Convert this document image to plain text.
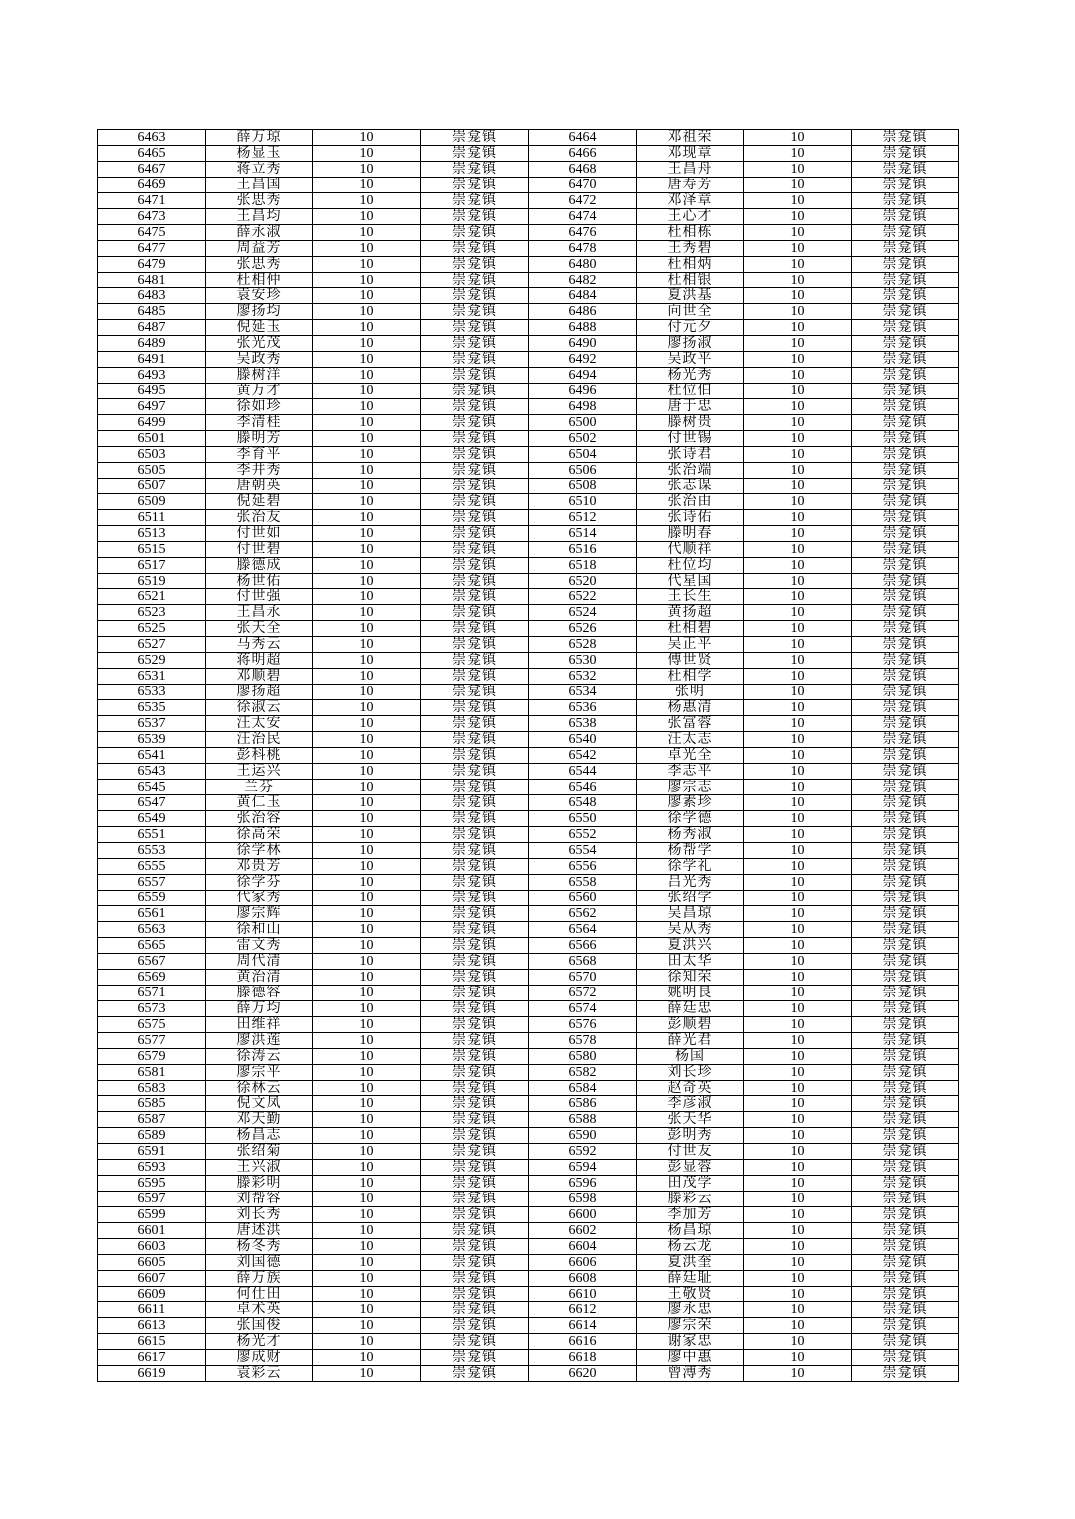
6463	薛万琼	10	崇龛镇	6464	邓祖荣	10	崇龛镇
6465	杨显玉	10	崇龛镇	6466	邓现章	10	崇龛镇
6467	蒋立秀	10	崇龛镇	6468	王昌舟	10	崇龛镇
6469	王昌国	10	崇龛镇	6470	唐寿芳	10	崇龛镇
6471	张思秀	10	崇龛镇	6472	邓泽章	10	崇龛镇
6473	王昌均	10	崇龛镇	6474	王心才	10	崇龛镇
6475	薛永淑	10	崇龛镇	6476	杜相栋	10	崇龛镇
6477	周益芳	10	崇龛镇	6478	王秀碧	10	崇龛镇
6479	张思秀	10	崇龛镇	6480	杜相炳	10	崇龛镇
6481	杜相仲	10	崇龛镇	6482	杜相银	10	崇龛镇
6483	袁安珍	10	崇龛镇	6484	夏洪基	10	崇龛镇
6485	廖扬均	10	崇龛镇	6486	向世全	10	崇龛镇
6487	倪延玉	10	崇龛镇	6488	付元夕	10	崇龛镇
6489	张光茂	10	崇龛镇	6490	廖扬淑	10	崇龛镇
6491	吴政秀	10	崇龛镇	6492	吴政平	10	崇龛镇
6493	滕树洋	10	崇龛镇	6494	杨光秀	10	崇龛镇
6495	黄万才	10	崇龛镇	6496	杜位伯	10	崇龛镇
6497	徐如珍	10	崇龛镇	6498	唐于忠	10	崇龛镇
6499	李清桂	10	崇龛镇	6500	滕树贵	10	崇龛镇
6501	滕明芳	10	崇龛镇	6502	付世锡	10	崇龛镇
6503	李育平	10	崇龛镇	6504	张诗君	10	崇龛镇
6505	李井秀	10	崇龛镇	6506	张治端	10	崇龛镇
6507	唐朝英	10	崇龛镇	6508	张志谋	10	崇龛镇
6509	倪延碧	10	崇龛镇	6510	张治由	10	崇龛镇
6511	张治友	10	崇龛镇	6512	张诗佑	10	崇龛镇
6513	付世如	10	崇龛镇	6514	滕明春	10	崇龛镇
6515	付世碧	10	崇龛镇	6516	代顺祥	10	崇龛镇
6517	滕德成	10	崇龛镇	6518	杜位均	10	崇龛镇
6519	杨世佑	10	崇龛镇	6520	代星国	10	崇龛镇
6521	付世强	10	崇龛镇	6522	王长生	10	崇龛镇
6523	王昌永	10	崇龛镇	6524	黄扬超	10	崇龛镇
6525	张天全	10	崇龛镇	6526	杜相碧	10	崇龛镇
6527	马秀云	10	崇龛镇	6528	吴正平	10	崇龛镇
6529	蒋明超	10	崇龛镇	6530	傅世贤	10	崇龛镇
6531	邓顺碧	10	崇龛镇	6532	杜相学	10	崇龛镇
6533	廖扬超	10	崇龛镇	6534	张明	10	崇龛镇
6535	徐淑云	10	崇龛镇	6536	杨惠清	10	崇龛镇
6537	汪太安	10	崇龛镇	6538	张富蓉	10	崇龛镇
6539	汪治民	10	崇龛镇	6540	汪太志	10	崇龛镇
6541	彭科桃	10	崇龛镇	6542	卓光全	10	崇龛镇
6543	王运兴	10	崇龛镇	6544	李志平	10	崇龛镇
6545	兰芬	10	崇龛镇	6546	廖宗志	10	崇龛镇
6547	黄仁玉	10	崇龛镇	6548	廖素珍	10	崇龛镇
6549	张治容	10	崇龛镇	6550	徐学德	10	崇龛镇
6551	徐高荣	10	崇龛镇	6552	杨秀淑	10	崇龛镇
6553	徐学林	10	崇龛镇	6554	杨帮学	10	崇龛镇
6555	邓贵芳	10	崇龛镇	6556	徐学礼	10	崇龛镇
6557	徐学芬	10	崇龛镇	6558	吕光秀	10	崇龛镇
6559	代家秀	10	崇龛镇	6560	张绍学	10	崇龛镇
6561	廖宗辉	10	崇龛镇	6562	吴昌琼	10	崇龛镇
6563	徐和山	10	崇龛镇	6564	吴从秀	10	崇龛镇
6565	雷文秀	10	崇龛镇	6566	夏洪兴	10	崇龛镇
6567	周代清	10	崇龛镇	6568	田太华	10	崇龛镇
6569	黄治清	10	崇龛镇	6570	徐知荣	10	崇龛镇
6571	滕德容	10	崇龛镇	6572	姚明良	10	崇龛镇
6573	薛万均	10	崇龛镇	6574	薛廷忠	10	崇龛镇
6575	田维祥	10	崇龛镇	6576	彭顺碧	10	崇龛镇
6577	廖洪莲	10	崇龛镇	6578	薛光君	10	崇龛镇
6579	徐涛云	10	崇龛镇	6580	杨国	10	崇龛镇
6581	廖宗平	10	崇龛镇	6582	刘长珍	10	崇龛镇
6583	徐林云	10	崇龛镇	6584	赵奇英	10	崇龛镇
6585	倪文凤	10	崇龛镇	6586	李彦淑	10	崇龛镇
6587	邓天勤	10	崇龛镇	6588	张天华	10	崇龛镇
6589	杨昌志	10	崇龛镇	6590	彭明秀	10	崇龛镇
6591	张绍菊	10	崇龛镇	6592	付世友	10	崇龛镇
6593	王兴淑	10	崇龛镇	6594	彭显蓉	10	崇龛镇
6595	滕彩明	10	崇龛镇	6596	田茂学	10	崇龛镇
6597	刘帮容	10	崇龛镇	6598	滕彩云	10	崇龛镇
6599	刘长秀	10	崇龛镇	6600	李加芳	10	崇龛镇
6601	唐述洪	10	崇龛镇	6602	杨昌琼	10	崇龛镇
6603	杨冬秀	10	崇龛镇	6604	杨云龙	10	崇龛镇
6605	刘国德	10	崇龛镇	6606	夏洪奎	10	崇龛镇
6607	薛万族	10	崇龛镇	6608	薛廷耻	10	崇龛镇
6609	何仕田	10	崇龛镇	6610	王敬贤	10	崇龛镇
6611	卓术英	10	崇龛镇	6612	廖永忠	10	崇龛镇
6613	张国俊	10	崇龛镇	6614	廖宗荣	10	崇龛镇
6615	杨光才	10	崇龛镇	6616	谢家忠	10	崇龛镇
6617	廖成财	10	崇龛镇	6618	廖中惠	10	崇龛镇
6619	袁彩云	10	崇龛镇	6620	曾溥秀	10	崇龛镇
